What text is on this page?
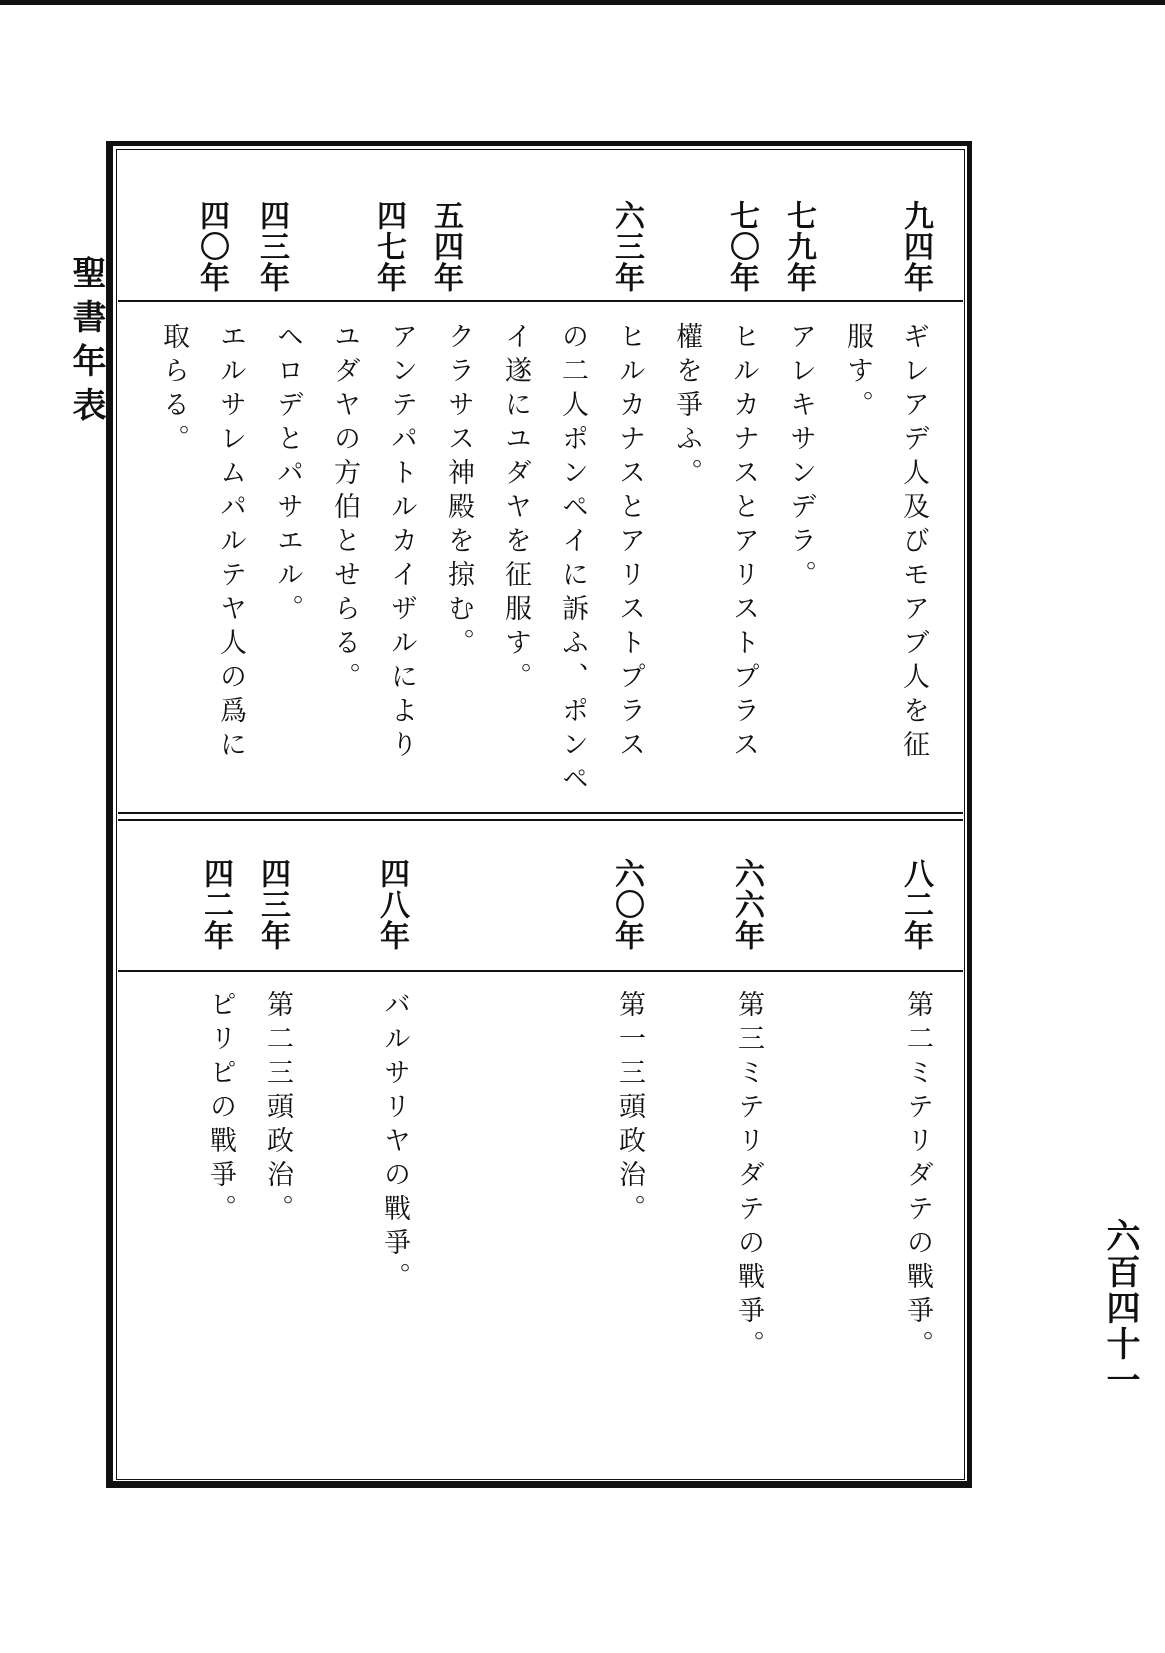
聖書年表
六百四十一
九四年
七九年
七〇年
六三年
五四年
四七年
四三年
四〇年
ギレアデ人及びモアブ人を征
服す。
アレキサンデラ。
ヒルカナスとアリストプラス
權を爭ふ。
ヒルカナスとアリストプラス
の二人ポンペイに訴ふ、ポンペ
イ遂にユダヤを征服す。
クラサス神殿を掠む。
アンテパトルカイザルにより
ユダヤの方伯とせらる。
ヘロデとパサエル。
エルサレムパルテヤ人の爲に
取らる。
八二年
六六年
六〇年
四八年
四三年
四二年
第二ミテリダテの戰爭。
第三ミテリダテの戰爭。
第一三頭政治。
バルサリヤの戰爭。
第二三頭政治。
ピリピの戰爭。
